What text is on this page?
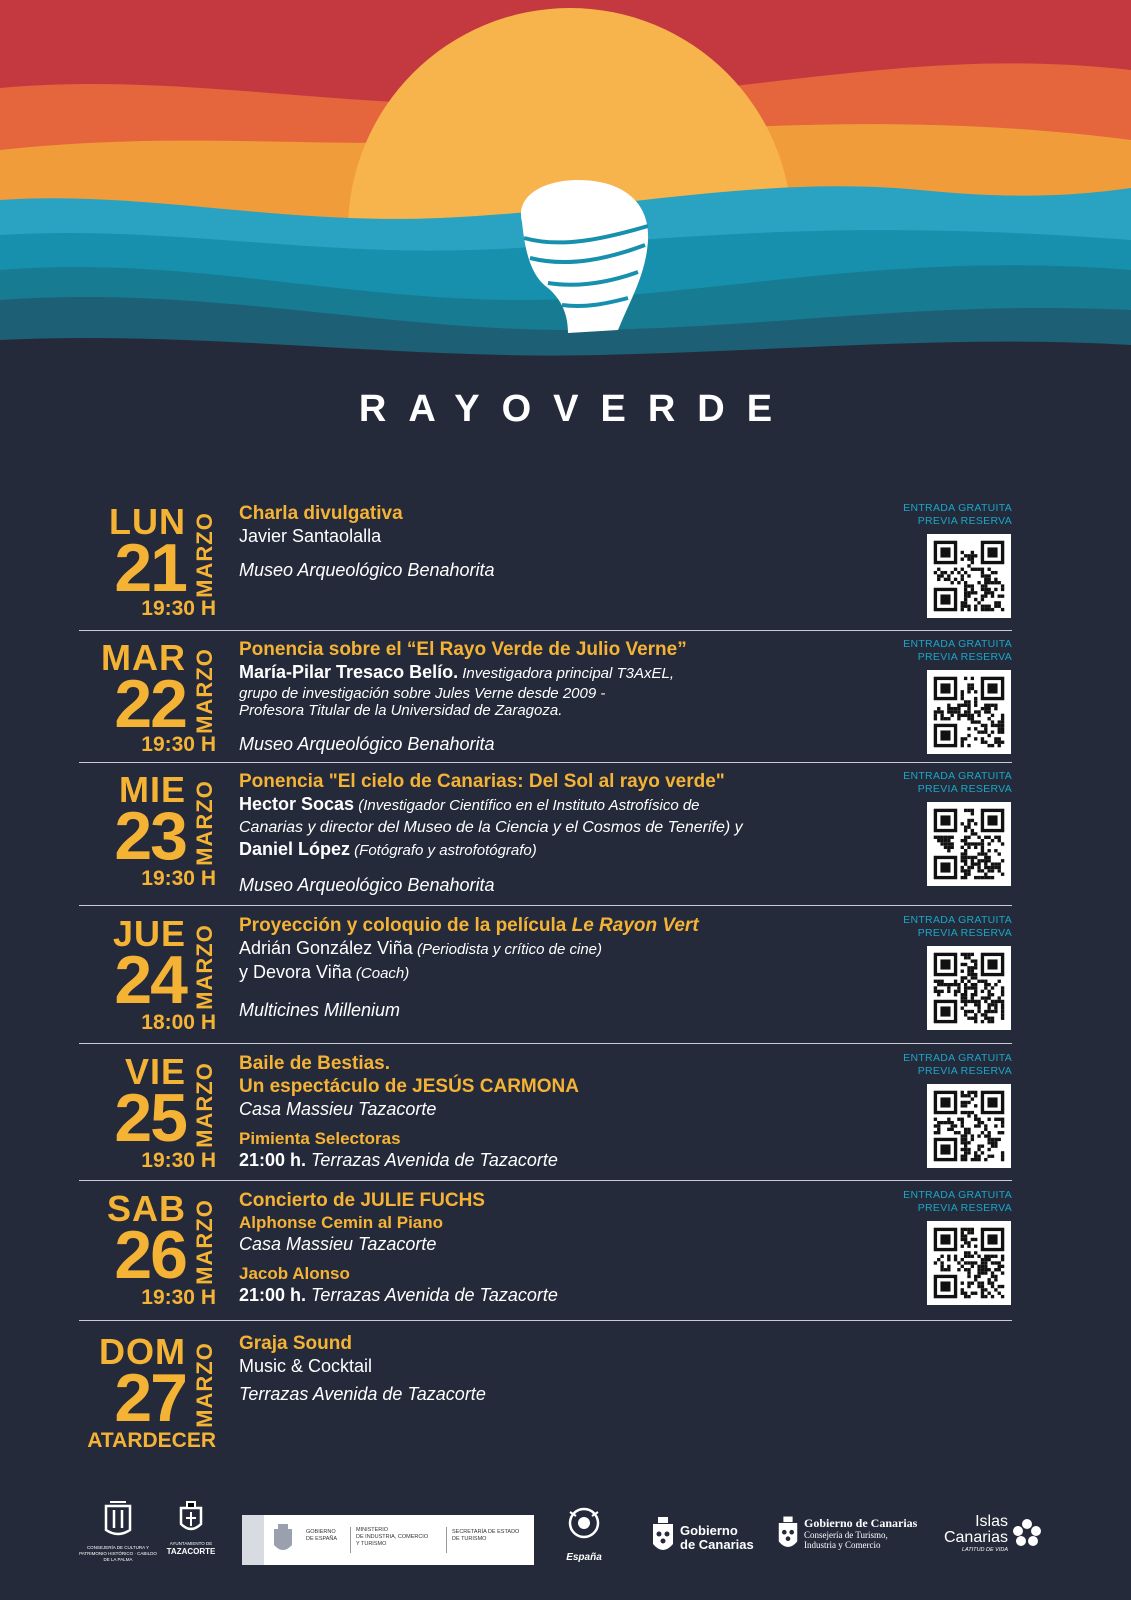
RAYOVERDE
LUN
21 MARZO
19:30 H
Charla divulgativa
Javier Santaolalla
Museo Arqueológico Benahorita
ENTRADA GRATUITA
PREVIA RESERVA
MAR
22 MARZO
19:30 H
Ponencia sobre el “El Rayo Verde de Julio Verne”
María-Pilar Tresaco Belío. Investigadora principal T3AxEL,
grupo de investigación sobre Jules Verne desde 2009 -
Profesora Titular de la Universidad de Zaragoza.
Museo Arqueológico Benahorita
ENTRADA GRATUITA
PREVIA RESERVA
MIE
23 MARZO
19:30 H
Ponencia "El cielo de Canarias: Del Sol al rayo verde"
Hector Socas (Investigador Científico en el Instituto Astrofísico de
Canarias y director del Museo de la Ciencia y el Cosmos de Tenerife) y
Daniel López (Fotógrafo y astrofotógrafo)
Museo Arqueológico Benahorita
ENTRADA GRATUITA
PREVIA RESERVA
JUE
24 MARZO
18:00 H
Proyección y coloquio de la película Le Rayon Vert
Adrián González Viña (Periodista y crítico de cine)
y Devora Viña (Coach)
Multicines Millenium
ENTRADA GRATUITA
PREVIA RESERVA
VIE
25 MARZO
19:30 H
Baile de Bestias.
Un espectáculo de JESÚS CARMONA
Casa Massieu Tazacorte
Pimienta Selectoras
21:00 h. Terrazas Avenida de Tazacorte
ENTRADA GRATUITA
PREVIA RESERVA
SAB
26 MARZO
19:30 H
Concierto de JULIE FUCHS
Alphonse Cemin al Piano
Casa Massieu Tazacorte
Jacob Alonso
21:00 h. Terrazas Avenida de Tazacorte
ENTRADA GRATUITA
PREVIA RESERVA
DOM
27 MARZO
ATARDECER
Graja Sound
Music & Cocktail
Terrazas Avenida de Tazacorte
CONSEJERÍA DE CULTURA Y PATRIMONIO HISTÓRICO · CABILDO DE LA PALMA
AYUNTAMIENTO DE
TAZACORTE
GOBIERNO
DE ESPAÑA
MINISTERIO
DE INDUSTRIA, COMERCIO
Y TURISMO
SECRETARÍA DE ESTADO
DE TURISMO
España
Gobierno
de Canarias
Gobierno de Canarias
Consejería de Turismo,
Industria y Comercio
Islas
Canarias
LATITUD DE VIDA
